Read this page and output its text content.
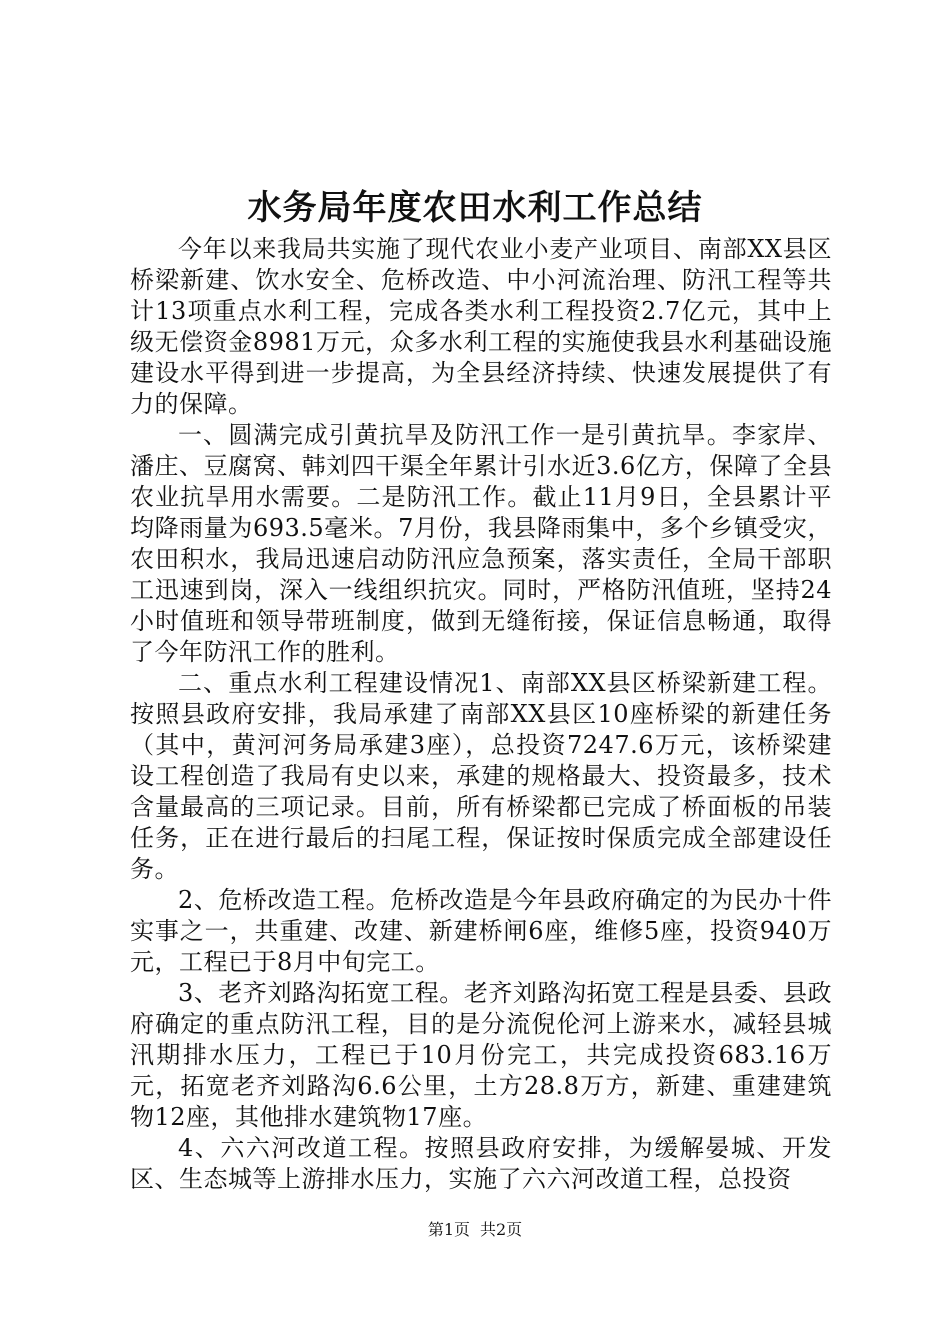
水务局年度农田水利工作总结

今年以来我局共实施了现代农业小麦产业项目、南部XX县区桥梁新建、饮水安全、危桥改造、中小河流治理、防汛工程等共计13项重点水利工程，完成各类水利工程投资2.7亿元，其中上级无偿资金8981万元，众多水利工程的实施使我县水利基础设施建设水平得到进一步提高，为全县经济持续、快速发展提供了有力的保障。

一、圆满完成引黄抗旱及防汛工作一是引黄抗旱。李家岸、潘庄、豆腐窝、韩刘四干渠全年累计引水近3.6亿方，保障了全县农业抗旱用水需要。二是防汛工作。截止11月9日，全县累计平均降雨量为693.5毫米。7月份，我县降雨集中，多个乡镇受灾，农田积水，我局迅速启动防汛应急预案，落实责任，全局干部职工迅速到岗，深入一线组织抗灾。同时，严格防汛值班，坚持24小时值班和领导带班制度，做到无缝衔接，保证信息畅通，取得了今年防汛工作的胜利。

二、重点水利工程建设情况1、南部XX县区桥梁新建工程。按照县政府安排，我局承建了南部XX县区10座桥梁的新建任务（其中，黄河河务局承建3座），总投资7247.6万元，该桥梁建设工程创造了我局有史以来，承建的规格最大、投资最多，技术含量最高的三项记录。目前，所有桥梁都已完成了桥面板的吊装任务，正在进行最后的扫尾工程，保证按时保质完成全部建设任务。

2、危桥改造工程。危桥改造是今年县政府确定的为民办十件实事之一，共重建、改建、新建桥闸6座，维修5座，投资940万元，工程已于8月中旬完工。

3、老齐刘路沟拓宽工程。老齐刘路沟拓宽工程是县委、县政府确定的重点防汛工程，目的是分流倪伦河上游来水，减轻县城汛期排水压力，工程已于10月份完工，共完成投资683.16万元，拓宽老齐刘路沟6.6公里，土方28.8万方，新建、重建建筑物12座，其他排水建筑物17座。

4、六六河改道工程。按照县政府安排，为缓解晏城、开发区、生态城等上游排水压力，实施了六六河改道工程，总投资

第1页 共2页
